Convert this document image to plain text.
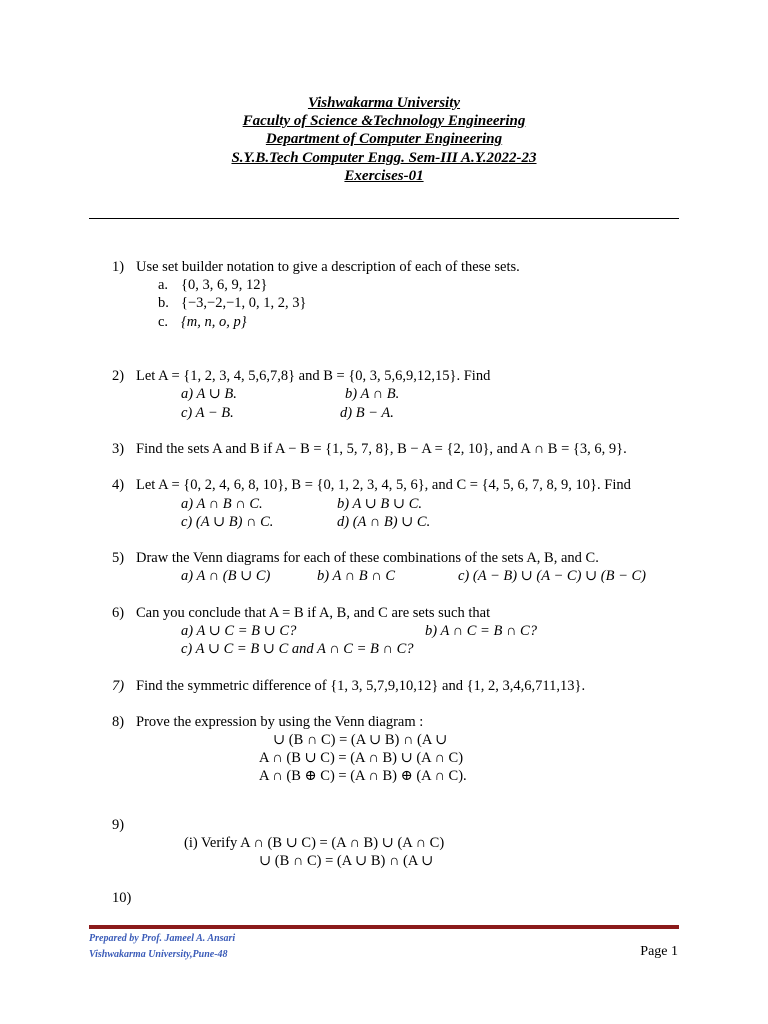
Vishwakarma University
Faculty of Science &Technology Engineering
Department of Computer Engineering
S.Y.B.Tech Computer Engg. Sem-III A.Y.2022-23
Exercises-01
1) Use set builder notation to give a description of each of these sets.
a. {0, 3, 6, 9, 12}
b. {−3,−2,−1, 0, 1, 2, 3}
c. {m, n, o, p}
2) Let A = {1, 2, 3, 4, 5,6,7,8} and B = {0, 3, 5,6,9,12,15}. Find
a) A ∪ B.	b) A ∩ B.
c) A − B.	d) B − A.
3) Find the sets A and B if A − B = {1, 5, 7, 8}, B − A = {2, 10}, and A ∩ B = {3, 6, 9}.
4) Let A = {0, 2, 4, 6, 8, 10}, B = {0, 1, 2, 3, 4, 5, 6}, and C = {4, 5, 6, 7, 8, 9, 10}. Find
a) A ∩ B ∩ C.	b) A ∪ B ∪ C.
c) (A ∪ B) ∩ C.	d) (A ∩ B) ∪ C.
5) Draw the Venn diagrams for each of these combinations of the sets A, B, and C.
a) A ∩ (B ∪ C)	b) A ∩ B ∩ C	c) (A − B) ∪ (A − C) ∪ (B − C)
6) Can you conclude that A = B if A, B, and C are sets such that
a) A ∪ C = B ∪ C?	b) A ∩ C = B ∩ C?
c) A ∪ C = B ∪ C and A ∩ C = B ∩ C?
7) Find the symmetric difference of {1, 3, 5,7,9,10,12} and {1, 2, 3,4,6,711,13}.
8) Prove the expression by using the Venn diagram :
∪ (B ∩ C) = (A ∪ B) ∩ (A ∪
A ∩ (B ∪ C) = (A ∩ B) ∪ (A ∩ C)
A ∩ (B ⊕ C) = (A ∩ B) ⊕ (A ∩ C).
9)
(i) Verify A ∩ (B ∪ C) = (A ∩ B) ∪ (A ∩ C)
∪ (B ∩ C) = (A ∪ B) ∩ (A ∪
10)
Prepared by Prof. Jameel A. Ansari
Vishwakarma University,Pune-48	Page 1
